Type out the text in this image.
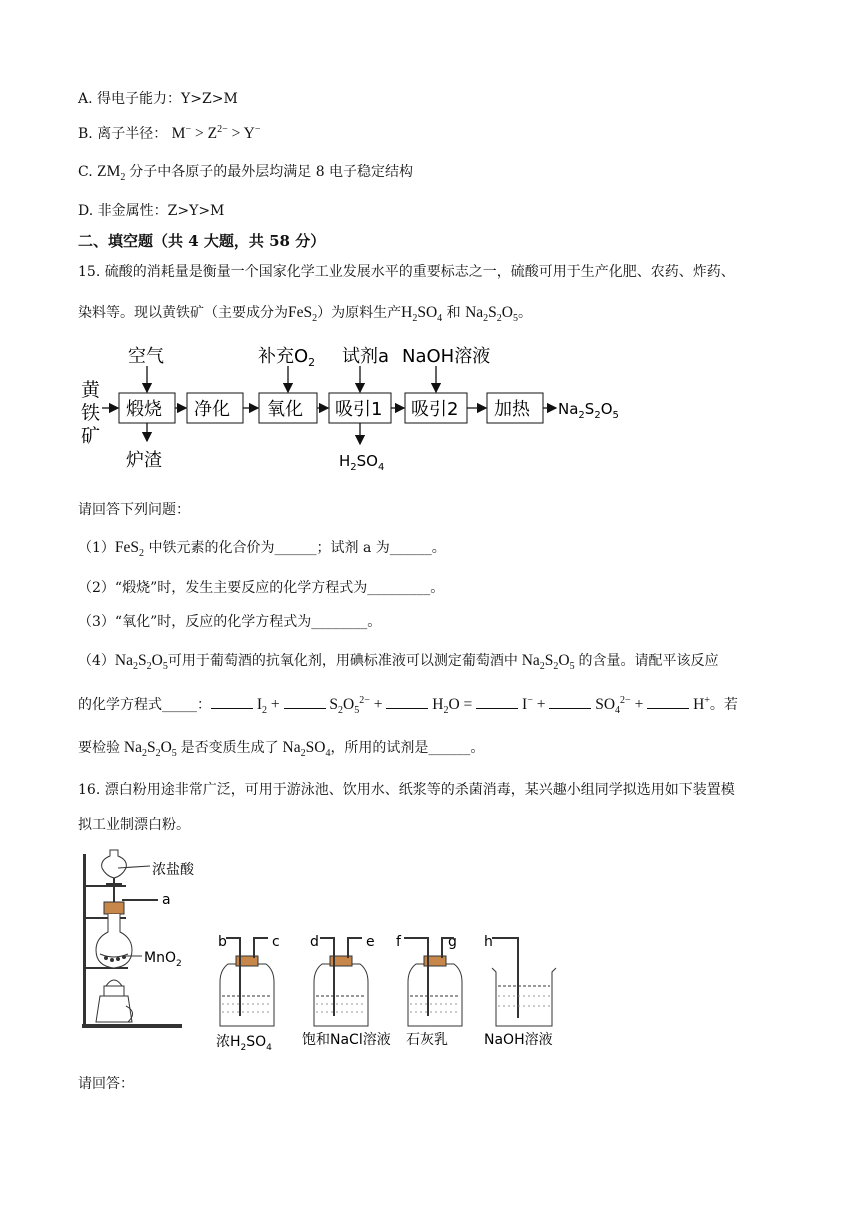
A. 得电子能力：Y>Z>M
B. 离子半径： $M^- > Z^{2-} > Y^-$
C. $ZM_2$ 分子中各原子的最外层均满足 8 电子稳定结构
D. 非金属性：Z>Y>M
二、填空题（共 4 大题，共 58 分）
15. 硫酸的消耗量是衡量一个国家化学工业发展水平的重要标志之一，硫酸可用于生产化肥、农药、炸药、
染料等。现以黄铁矿（主要成分为FeS$_2$）为原料生产$H_2SO_4$ 和 $Na_2S_2O_5$。
黄
铁
矿
煅烧 净化 氧化 吸引1 吸引2 加热 $Na_2S_2O_5$
空气	补充$O_2$ 试剂a NaOH溶液
炉渣	$H_2SO_4$
请回答下列问题：
（1）FeS$_2$ 中铁元素的化合价为______；试剂 a 为______。
（2）“煅烧”时，发生主要反应的化学方程式为_________。
（3）“氧化”时，反应的化学方程式为________。
$(4)Na_2S_2O_5$可用于葡萄酒的抗氧化剂，用碘标准液可以测定葡萄酒中 $Na_2S_2O_5$ 的含量。请配平该反应
的化学方程式_____：	$I_2$ +	$S_2O_5^{2-}$ +	$H_2O$ =	I− +	$SO_4^{2-}$ +	H+。若
要检验 $Na_2S_2O_5$ 是否变质生成了 $Na_2SO_4$，所用的试剂是______。
16. 漂白粉用途非常广泛，可用于游泳池、饮用水、纸浆等的杀菌消毒，某兴趣小组同学拟选用如下装置模
拟工业制漂白粉。
浓盐酸
a
MnO$_2$
b	c d	e f	g h
浓$H_2SO_4$ 饱和NaCl溶液 石灰乳	NaOH溶液
请回答：
